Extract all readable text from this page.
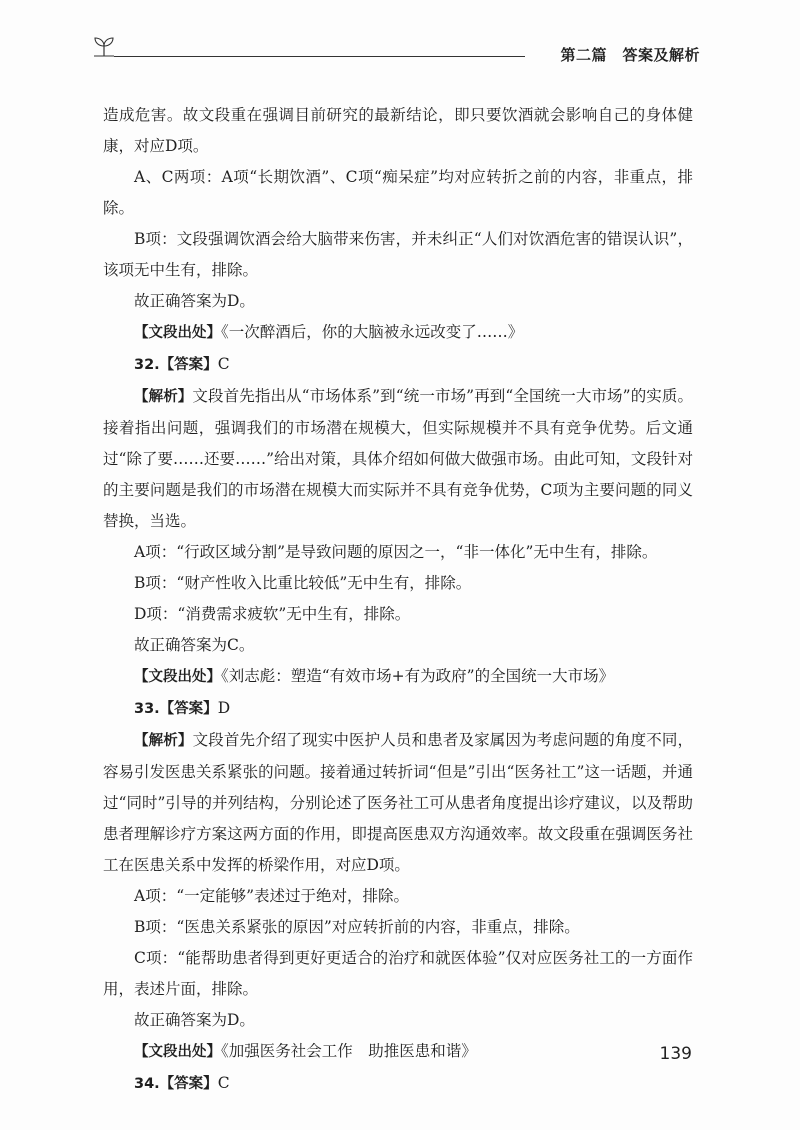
第二篇　答案及解析

造成危害。故文段重在强调目前研究的最新结论，即只要饮酒就会影响自己的身体健康，对应D项。

A、C两项：A项“长期饮酒”、C项“痴呆症”均对应转折之前的内容，非重点，排除。

B项：文段强调饮酒会给大脑带来伤害，并未纠正“人们对饮酒危害的错误认识”，该项无中生有，排除。

故正确答案为D。

【文段出处】《一次醉酒后，你的大脑被永远改变了……》

32.【答案】C

【解析】文段首先指出从“市场体系”到“统一市场”再到“全国统一大市场”的实质。接着指出问题，强调我们的市场潜在规模大，但实际规模并不具有竞争优势。后文通过“除了要……还要……”给出对策，具体介绍如何做大做强市场。由此可知，文段针对的主要问题是我们的市场潜在规模大而实际并不具有竞争优势，C项为主要问题的同义替换，当选。

A项：“行政区域分割”是导致问题的原因之一，“非一体化”无中生有，排除。

B项：“财产性收入比重比较低”无中生有，排除。

D项：“消费需求疲软”无中生有，排除。

故正确答案为C。

【文段出处】《刘志彪：塑造“有效市场+有为政府”的全国统一大市场》

33.【答案】D

【解析】文段首先介绍了现实中医护人员和患者及家属因为考虑问题的角度不同，容易引发医患关系紧张的问题。接着通过转折词“但是”引出“医务社工”这一话题，并通过“同时”引导的并列结构，分别论述了医务社工可从患者角度提出诊疗建议，以及帮助患者理解诊疗方案这两方面的作用，即提高医患双方沟通效率。故文段重在强调医务社工在医患关系中发挥的桥梁作用，对应D项。

A项：“一定能够”表述过于绝对，排除。

B项：“医患关系紧张的原因”对应转折前的内容，非重点，排除。

C项：“能帮助患者得到更好更适合的治疗和就医体验”仅对应医务社工的一方面作用，表述片面，排除。

故正确答案为D。

【文段出处】《加强医务社会工作　助推医患和谐》

34.【答案】C

139
